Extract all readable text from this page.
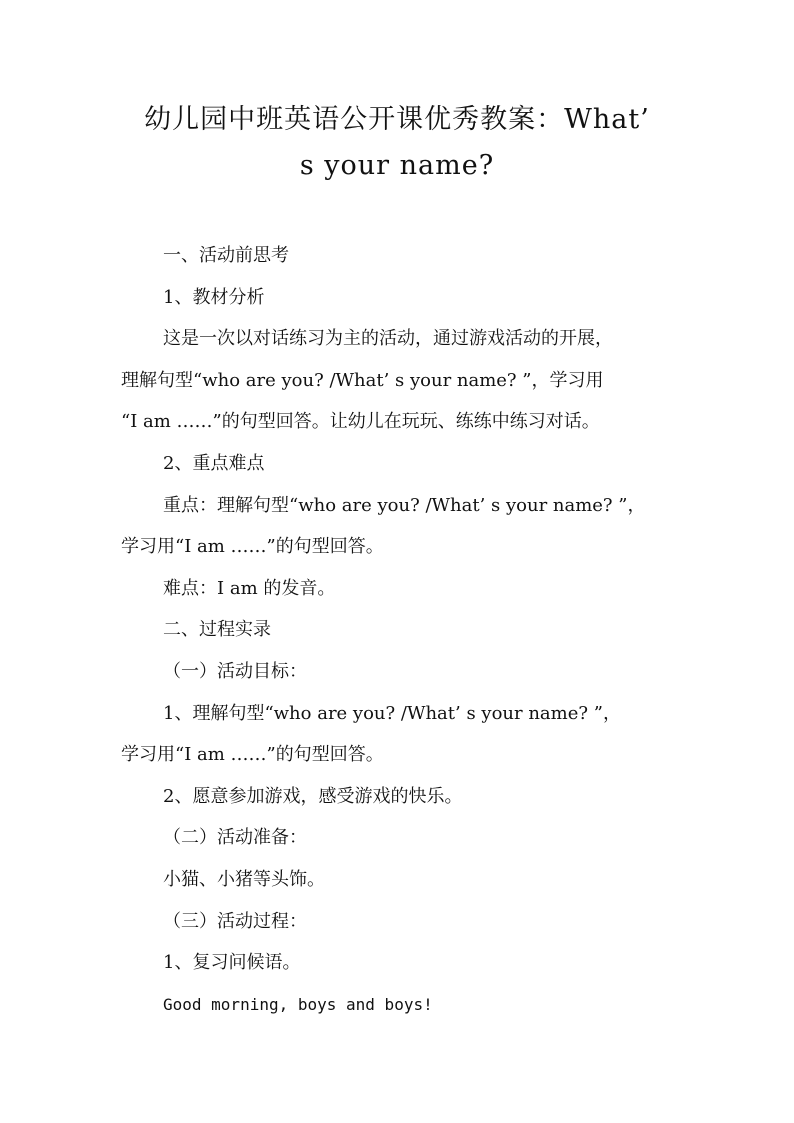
幼儿园中班英语公开课优秀教案：What’
s your name?

一、活动前思考

1、教材分析

这是一次以对话练习为主的活动，通过游戏活动的开展，

理解句型“who are you? /What’ s your name? ”，学习用

“I am ……”的句型回答。让幼儿在玩玩、练练中练习对话。

2、重点难点

重点：理解句型“who are you? /What’ s your name? ”，

学习用“I am ……”的句型回答。

难点：I am 的发音。

二、过程实录

（一）活动目标：

1、理解句型“who are you? /What’ s your name? ”，

学习用“I am ……”的句型回答。

2、愿意参加游戏，感受游戏的快乐。

（二）活动准备：

小猫、小猪等头饰。

（三）活动过程：

1、复习问候语。

Good morning, boys and boys!
